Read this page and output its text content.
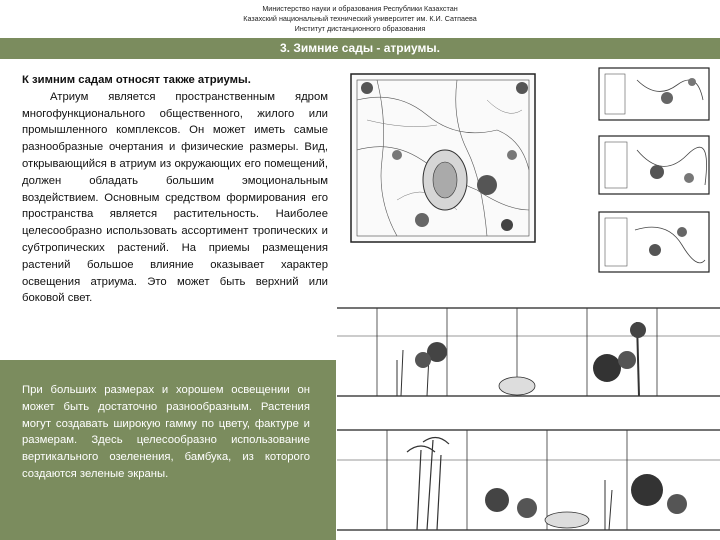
Министерство науки и образования Республики Казахстан
Казахский национальный технический университет им. К.И. Сатпаева
Институт дистанционного образования
3. Зимние сады - атриумы.
К зимним садам относят также атриумы.
Атриум является пространственным ядром многофункционального общественного, жилого или промышленного комплексов. Он может иметь самые разнообразные очертания и физические размеры. Вид, открывающийся в атриум из окружающих его помещений, должен обладать большим эмоциональным воздействием. Основным средством формирования его пространства является растительность. Наиболее целесообразно использовать ассортимент тропических и субтропических растений. На приемы размещения растений большое влияние оказывает характер освещения атриума. Это может быть верхний или боковой свет.
При больших размерах и хорошем освещении он может быть достаточно разнообразным. Растения могут создавать широкую гамму по цвету, фактуре и размерам. Здесь целесообразно использование вертикального озеленения, бамбука, из которого создаются зеленые экраны.
